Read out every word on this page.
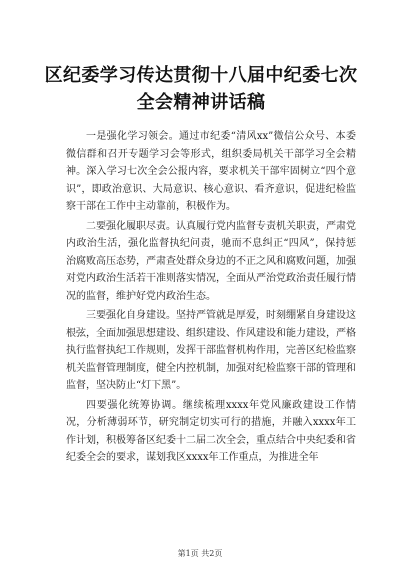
区纪委学习传达贯彻十八届中纪委七次全会精神讲话稿

一是强化学习领会。通过市纪委“清风xx”微信公众号、本委微信群和召开专题学习会等形式，组织委局机关干部学习全会精神。深入学习七次全会公报内容，要求机关干部牢固树立“四个意识”，即政治意识、大局意识、核心意识、看齐意识，促进纪检监察干部在工作中主动靠前，积极作为。

二要强化履职尽责。认真履行党内监督专责机关职责，严肃党内政治生活，强化监督执纪问责，驰而不息纠正“四风”，保持惩治腐败高压态势，严肃查处群众身边的不正之风和腐败问题，加强对党内政治生活若干准则落实情况，全面从严治党政治责任履行情况的监督，维护好党内政治生态。

三要强化自身建设。坚持严管就是厚爱，时刻绷紧自身建设这根弦，全面加强思想建设、组织建设、作风建设和能力建设，严格执行监督执纪工作规则，发挥干部监督机构作用，完善区纪检监察机关监督管理制度，健全内控机制，加强对纪检监察干部的管理和监督，坚决防止“灯下黑”。

四要强化统筹协调。继续梳理xxxx年党风廉政建设工作情况，分析薄弱环节，研究制定切实可行的措施，并融入xxxx年工作计划，积极筹备区纪委十二届二次全会，重点结合中央纪委和省纪委全会的要求，谋划我区xxxx年工作重点，为推进全年

第1页 共2页
